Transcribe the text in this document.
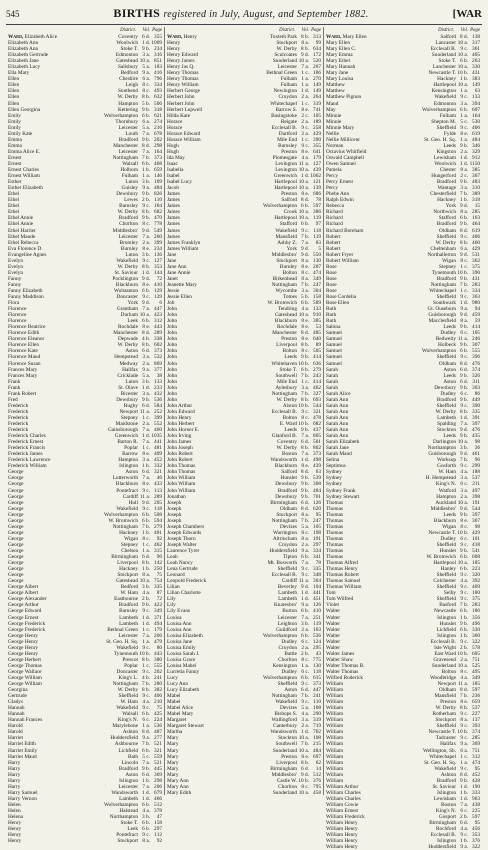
545	BIRTHS registered in July, August, and September 1882.	[WAR
District.	Vol. Page
Ward, Elizabeth Alice	Coventry 6 d. 355
Elizabeth Ann	Woolwich 1 d. 1009
Elizabeth Ann	Stoke T. 9 b. 234
Elizabeth Gertrude	Edmonton 3 a. 316
Elizabeth Jane	Gateshead 10 a. 851
Elizabeth Lucy	Salisbury 5 a. 183
Ella Mary	Bedford 9 a. 416
Ellen	Cheshire 6 a. 796
Ellen	Leigh 8 c. 334
Ellen	Southend 8 c. 493
Ellen	W. Derby 8 b. 632
Ellen	Hampton 5 b. 506
Ellen Georgina	Kettering 9 b. 318
Emily	Wolverhampton 6 b. 621
Emily	Thornbury 6 a. 274
Emily	Leicester 5 a. 216
Emily Kate	Louth 7 a. 678
Emma	Bradford 9 b. 202
Emma	Manchester 8 d. 298
Emma Alice E.	Leicester 7 a. 164
Ernest	Nottingham 7 b. 373
Ernest	Walsall 6 b. 468
Ernest Charles	Holborn 1 b. 659
Ernest William	Fulham 1 a. 146
Esther	Luton 3 b. 109
Esther Elizabeth	Guisley 9 a. 484
Ethel	Dewsbury 9 b. 826
Ethel	Lewes 2 b. 110
Ethel	Barnsley 9 c. 184
Ethel	W. Derby 8 b. 682
Ethel Annie	Bradford 9 b. 470
Ethel Annie	Chorlton 8 c. 778
Ethel Harriet	Middlesbro' 9 d. 549
Ethel Maude	Leicester 7 a. 260
Ethel Rebecca	Bromley 2 a. 399
Eva Florence D.	Burnley 8 e. 234
Evangeline Agnes	Luton 3 b. 136
Evelyn	Wakefield 9 c. 127
Evelyn	W. Derby 8 b. 353
Evelyn	St. Saviour 1 d. 144
Fanny	Pocklington 9 d.	72
Fanny	Blackburn 8 e. 410
Fanny Elizabeth	Wolstanton 6 b. 129
Fanny Maddison	Doncaster 9 c. 139
Flora	York 9 d.	6
Florence	Grantham 7 a. 447
Florence	Durham 10 a. 423
Florence	Leek 6 b. 312
Florence Beatrice	Rochdale 8 e. 443
Florence Edith	Manchester 8 d. 289
Florence Eleanor	Depwade 4 b. 338
Florence Ellen	W. Derby 8 b. 602
Florence Kate	Aston 6 d. 373
Florence Maud	Hempstead 3 a. 532
Florence Susan	Medway 2 a. 869
Frances Mary	Halifax 9 a. 377
Frances Mary	Cricklade 5 a.	38
Frank	Luton 3 b. 133
Frank	St. Olave 1 d. 233
Frank Robert	Bicester 3 a. 432
Fred	Dewsbury 9 b. 536
Frederick	Rugby 6 d. 584
Frederick	Newport 11 a. 252
Frederick	Stepney 1 c. 399
Frederick	Maidstone 2 a. 552
Frederick	Gainsborough 7 a. 460
Frederick Charles	Greenwich 1 d. 1035
Frederick Ernest	Barton R. 7 a. 441
Frederick Francis	Poplar 1 c. 481
Frederick James	Barrow 8 e. 409
Frederick Lawrence	Hampton 3 a. 452
Frederick William	Islington 1 b. 332
George	Aston 6 d. 321
George	Lutterworth 7 a.	46
George	Blackburn 8 e. 433
George	Pontefract 9 c. 113
George	Cardiff 11 a. 289
George	Hull 9 d. 205
George	Wakefield 9 c. 118
George	Wolverhampton 6 b. 508
George	W. Bromwich 6 b. 594
George	Nottingham 7 b. 279
George	Hackney 1 b. 401
George	Wigan 8 c.	92
George	Stepney 1 c. 462
George	Chelsea 1 a. 315
George	Birmingham 6 d.	96
George	Liverpool 8 b. 142
George	Hackney 1 b. 250
George	Stockport 8 a.	75
George	Gateshead 10 a. 754
George Albert	Bedford 3 b. 335
George Albert	W. Ham 4 a.	87
George Alexander	Eastbourne 2 b.	72
George Arthur	Bradford 9 b. 422
George Edward	Barnsley 9 c. 349
George Ernest	Lambeth 1 d. 371
George Frederick	Lambeth 1 d. 494
George Frederick	Bethnal Green 1 c. 179
George Henry	Leicester 7 a. 206
George Henry	St. Geo. H. Sq. 1 a. 479
George Henry	Wakefield 9 c.	80
George Henry	Tynemouth 10 b. 443
George Herbert	Prescot 8 b. 380
George Thomas	Poplar 1 c. 555
George Wallace	Doncaster 9 c. 202
George William	King's L. 4 b. 241
George William	Nottingham 7 b. 280
Georgina	W. Derby 8 b. 382
Gertrude	Sheffield 9 c. 406
Gladys	W. Ham 4 a. 210
Hannah	Wakefield 9 c.	75
Hannah	Walsall 6 b. 425
Hannah Frances	King's N. 6 c. 224
Harold	Marylebone 1 a. 536
Harold	Ashton 8 d. 487
Harriet	Huddersfield 9 a. 277
Harriet Edith	Ashbourne 7 b. 521
Harriet Emily	Lichfield 6 b. 321
Harriet Maud	Bath 5 c. 559
Harry	Lincoln 7 a. 521
Harry	Bradford 9 b. 445
Harry	Aston 6 d. 369
Harry	Islington 1 b. 298
Harry	Leicester 7 a. 206
Harry Samuel	Wandsworth 1 d. 679
Harry Vernon	Lambeth 1 d. 466
Helen	Wolverhampton 6 b. 512
Helen	Halstead 4 a. 378
Helena	Northampton 3 b.	47
Henry	Stoke T. 6 b. 158
Henry	Leek 6 b. 297
Henry	Pontefract 9 c. 112
Henry	Stockport 8 a.	92
District.	Vol. Page
Ward, Henry	Toxteth Park 8 b. 313
Henry	Stockport 8 a.	99
Henry	W. Derby 8 b. 634
Henry Edward	Sculcoates 9 d. 172
Henry James	Sunderland 10 a. 520
Henry Jas Q.	Leicester 7 a. 267
Henry Thomas	Bethnal Green 1 c. 186
Henry Thomas	Fulham 1 a. 270
Henry William	Fulham 1 a. 149
Herbert George	Newington 1 d. 149
Herbert John	Croydon 2 a. 264
Herbert John	Whitechapel 1 c. 319
Herbert Lupwell	Barrow S. 8 e. 741
Hilda Kate	Basingstoke 2 c. 105
Horace	Reigate 2 a. 189
Horace	Ecclesall B. 9 c. 258
Horace Edward	Dartford 2 a. 429
Horace William	Mile End 1 c. 390
Hugh	Barnsley 9 c. 355
Hugh	Preston 8 e. 641
Ida May	Plomesgate 4 a. 179
Isaac	Lexington 11 a. 127
Isabella	Lexington 10 a. 439
Isabel	Greenwich 1 d. 1062
Isabel Lucy	Hartlepool 10 a. 121
Jacob	Hartlepool 10 a. 139
James	Preston 8 e. 686
James	Salford 8 d.	78
James	Wolverhampton 6 b. 597
James	Crook 10 a. 386
James	Hartlepool 10 a. 119
James	Stafford 6 b.	97
James	Wakefield 9 c. 118
James	Mansfield 7 b. 119
James Franklyn	Ashby Z. 7 a.	83
James William	York 9 d.	5
Jane	Middlesbro' 9 d. 550
Jane	Stockport 8 a. 130
Jane Ann	Burnley 8 e. 207
Jane Annie	Bolton 8 c. 474
Janet	Birkenhead 8 a. 349
Jeanette Mary	Nottingham 7 b. 247
Jessie	Wycombe 3 a. 304
Jessie Ellen	Totnes 5 b. 158
Job	W. Bromwich 6 b. 589
John	Tendring 4 a. 133
John	Gateshead 10 a. 910
John	Blackburn 8 e. 385
John	Rochdale 8 e.	53
John	Manchester 8 d. 485
John	Preston 8 e. 640
John	Liverpool 8 b.	89
John	Bolton 8 c. 505
John	Leeds 9 b. 414
John	Whitehaven 10 b. 636
John	Stoke T. 6 b. 279
John	Southwell 7 b. 243
John	Mile End 1 c. 414
John	Aylesbury 3 a. 462
John	Nottingham 7 b. 327
John	W. Derby 8 b. 693
John Arthur	Alston 10 b. 544
John Edward	Ecclesall B. 9 c. 321
John Henry	Bolton 8 c. 478
John Herbert	E. Ward 10 b. 682
John Horner E.	Leeds 9 b. 437
John Irving	Glanford B. 7 a. 805
John James	Coventry 6 d. 501
John Joseph	W. Derby 8 b. 802
John Robert	Boston 7 a. 373
John Robert	Wandsworth 1 d. 498
John Thomas	Blackburn 8 e. 439
John Thomas	Salford 8 d.	63
John William	Hunslet 9 b. 539
John William	Dewsbury 9 b. 308
John William	Bradford 9 b. 484
Jonathan	Dewsbury 9 b. 701
Joseph	Birmingham 6 d. 126
Joseph	Oldham 8 d. 620
Joseph	Stockport 8 a.	95
Joseph	Nottingham 7 b. 247
Joseph Chambers	Devizes 5 a. 105
Joseph Edwards	Warrington 8 c. 198
Joseph Thorn	Altrincham 8 a. 191
Joseph Walter	Croydon 2 a. 297
Laurence Tyrer	Huddersfield 9 a. 334
Leah	Tipton 6 b. 341
Leah Nancy	Mt. Bosworth 7 a.	78
Lena Gertrude	Sheffield 9 c. 335
Leonard	Ecclesall B. 9 c. 348
Leopold Frederick	Cardiff 11 a. 304
Lilian	Beverley 9 d. 104
Lilian Charlotte	Lambeth 1 d. 441
Lily	Lambeth 1 d. 451
Lily	Knaresbro' 9 a. 126
Lily Evans	Burton 6 b. 410
Louisa	Leicester 7 a. 251
Louisa Ann	Leighton 3 b. 119
Louisa Ann	Guildford 2 a. 103
Louisa Elizabeth	Wolverhampton 6 b. 536
Louisa Jane	Dudley 6 c. 124
Louisa Emily	Croydon 2 a. 295
Louisa Sarah J.	Battle 2 b.	43
Louisa Grace	Chorlton 8 c. 775
Louisa Mabel	Kensington 1 a. 130
Lucretia Fanny	Dudley 6 c. 118
Lucy	Wolverhampton 6 b. 615
Lucy Ann	Sheffield 9 c. 373
Lucy Elizabeth	Aston 6 d. 447
Mabel	Nottingham 7 b. 241
Mabel	Wakefield 9 c. 110
Mabel Alice	Devizes 5 a. 108
Mabel Mary	Bishops S. 4 a. 290
Margaret	Wallingford 3 a. 319
Margaret Stewart	Canterbury 2 a. 719
Martha	Wandsworth 1 d. 702
Mary	Stockton 10 a. 108
Mary	Southwell 7 b. 215
Mary	Sunderland 10 a. 484
Mary	Preston 8 e. 697
Mary	Liverpool 8 b.	62
Mary	Birmingham 6 d.	14
Mary	Middlesbro' 9 d. 512
Mary Ann	Castle W. 10 b. 376
Mary Ann	Chorlton 8 c. 795
Mary Edith	Sunderland 10 a. 458
District.	Vol. Page
Ward, Mary Ellen	Salford 8 d. 138
Mary Ellen	Lancaster 10 a. 317
Mary Ellen C.	Ecclesall B. 9 c. 361
Mary Emma	Sunderland 10 a. 465
Mary Ethel	Stoke T. 6 b. 263
Mary Hannah	Lanchester 10 a. 330
Mary Jane	Newcastle T. 10 b. 431
Mary Louisa	Hackney 1 b. 383
Matthew	Hartlepool 10 a. 149
Matthew	Kensington 1 a.	63
Matthew Pignon	Wakefield 9 c. 133
Maud	Edmonton 3 a. 394
May	Wolverhampton 6 b. 607
Minnie	Fulham 1 a. 164
Minnie	Shepton M. 5 c. 530
Minnie Mary	Sheffield 9 c. 406
Nellie	Fylde 8 e. 619
Nellie Millicent	St. Geo. H. Sq. 1 a. 484
Norman	Leeds 9 b. 346
Octavius Whitfield	Kingston 2 a. 329
Oswald Campbell	Lewisham 1 d. 912
Owen Samuel	Woolwich 1 d. 1150
Pamela	Chester 8 a. 385
Percy	Hungerford 2 c. 367
Percy Ernest	Bradford 9 b. 483
Percy	Wantage 3 a. 310
Phebe Ann	Chesterfield 7 b. 389
Ralph Edwin	Hackney 1 b. 318
Rebecca	York 9 d.	15
Richard	Northwich 8 a. 285
Richard	Stafford 6 b. 163
Richard	Bradford 9 b. 464
Richard Boreham	Oldham 8 d. 619
Robert	Sheffield 9 c. 406
Robert	W. Derby 8 b. 460
Robert	Cheltenham 6 a. 429
Robert Fryer	Northallerton 9 d. 531
Robert William	Wigan 8 c. 362
Rose	Stepney 1 c. 375
Rose	Tynemouth 10 b. 390
Rose	Bradford 9 b. 431
Rose	Nottingham 7 b. 283
Rose	Whitechapel 1 c. 334
Rose Cordelia	Sheffield 9 c. 363
Rose Ellen	Southwark 1 d. 980
Ruth	Gt. Ouseburn 9 a.	94
Ruth	Guisborough 9 d. 459
Ruth	Macclesfield 8 a.	59
Sabina	Leeds 9 b. 414
Samuel	Dudley 6 c. 105
Samuel	Bedwelty 11 a. 246
Samuel	Holbeck 9 b. 307
Samuel	Wolverhampton 6 b. 555
Samuel	Sheffield 9 c. 396
Samuel	Oldham 8 d. 476
Sarah	Aston 6 d. 374
Sarah	Leeds 9 b. 326
Sarah	Aston 6 d. 311
Sarah	Dewsbury 9 b. 303
Sarah Alice	Dudley 6 c.	86
Sarah Ann	Bradford 9 b. 449
Sarah Ann	Sheffield 9 c. 390
Sarah Ann	W. Derby 8 b. 335
Sarah Ann	Lambeth 1 d. 391
Sarah Ann	Spalding 7 a. 397
Sarah Ann	Stockton 9 d. 476
Sarah Ann	Leeds 9 b. 435
Sarah Elizabeth	Darlington 10 a.	98
Sarah Jane	Northampton 3 b.	36
Sarah Maud	Guisborough 9 d. 461
Selina	Worksop 7 b.	96
Septimus	Gosforth 9 c. 299
Sydney	W. Ham 4 a. 188
Sydney	H. Hempstead 3 a. 537
Sydney	King's N. 6 c. 211
Sydney Frank	Watford 3 a. 497
Sydney Stewart	Hampton 2 a. 398
Thomas	Auckland 10 a. 191
Thomas	Middlesbro' 9 d. 544
Thomas	Leeds 9 b. 397
Thomas	Blackburn 8 e. 367
Thomas	Wigan 8 c.	98
Thomas	Newcastle T. 10 b. 429
Thomas	Dudley 6 c. 101
Thomas	Sheffield 9 c. 418
Thomas	Hunslet 9 b. 541
Thomas	W. Bromwich 6 b. 608
Thomas Alfred	Hartlepool 10 a. 185
Thomas Henry	Hanley 6 b. 223
Thomas Robert	Sheffield 9 c. 320
Thomas Samuel	Colchester 4 a. 392
Thomas William	Sheffield 9 c. 409
Tom	Selby 9 c. 180
Tom Wilfred	Sheffield 9 c. 375
Violet	Basford 7 b. 283
Walter	Newcastle 6 b. 186
Walter	Islington 1 b. 356
Walter	Hunslet 9 b. 496
Walter	Lichfield 6 b. 330
Walter	Islington 1 b. 360
Walter	Ecclesall B. 9 c. 322
Walter	Isle Wight 2 b. 578
Walter James	East Ward 10 b. 605
Walter Shaw	Gravesend 2 a. 751
Walter Thomas B.	Sunderland 10 a. 525
Walter Thomas	Bolton 8 c. 495
Wilfred Roderick	Woodbridge 4 a. 349
William	Newport 11 a. 185
William	Oldham 8 d. 597
William	Mansfield 7 b. 236
William	Preston 8 e. 659
William	W. Derby 8 b. 537
William	Rotherham 9 c. 227
William	Stockport 8 a. 137
William	Sheffield 9 c. 393
William	Newcastle T. 10 b. 374
William	Tadcaster 9 c. 285
William	Halifax 9 a. 369
William	Wellington, Sh. 6 a. 751
William	Whitechapel 1 c. 312
William	St. Geo. H. Sq. 1 a. 474
William	Wakefield 9 c.	95
William	Ashton 8 d. 452
William	Bradford 9 b. 428
William Arthur	St. Saviour 1 d. 190
William Charles	Islington 1 b. 333
William Charles	Lewisham 1 d. 963
William Cowie	Boston 7 a. 438
William Ernest	King's N. 6 c. 225
William Frederick	Gosport 2 b. 597
William Henry	Birmingham 6 d.	95
William Henry	Rochford 4 a. 456
William Henry	Ecclesall B. 9 c. 353
William Henry	Islington 1 b. 376
William Henry	Huddersfield 9 a. 322
